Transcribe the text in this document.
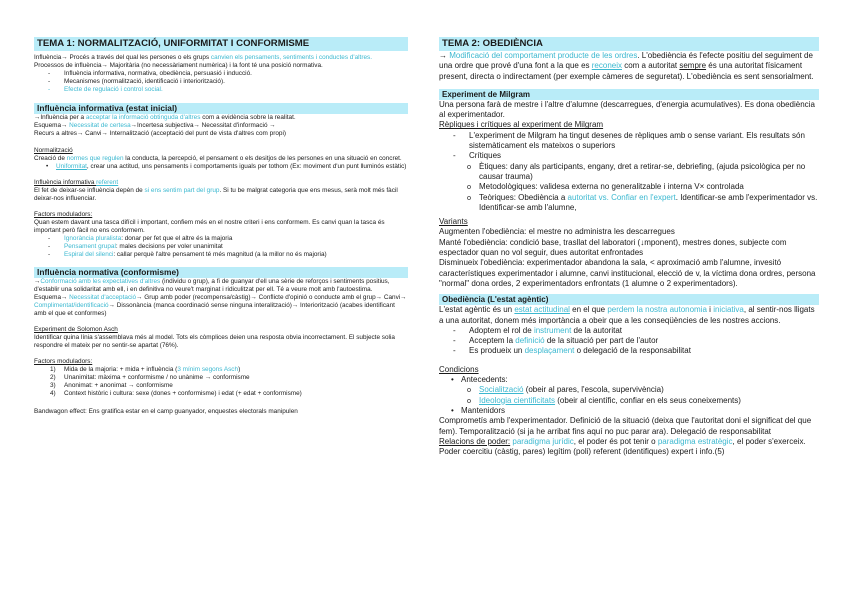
TEMA 1: NORMALITZACIÓ, UNIFORMITAT I CONFORMISME

Influència→ Procés a través del qual les persones o els grups canvien els pensaments, sentiments i conductes d'altres.

Processos de influència→ Majoritària (no necessàriament numèrica) i la font té una posició normativa.

- Influència informativa, normativa, obediència, persuasió i inducció.
- Mecanismes (normalització, identificació i interiorització).
- Efecte de regulació i control social.
Influència informativa (estat inicial)

→Influència per a acceptar la informació obtinguda d'altres com a evidència sobre la realitat.

Esquema→ Necessitat de certesa→Incertesa subjectiva→ Necessitat d'informació →

Recurs a altres→ Canvi→ Internalització (acceptació del punt de vista d'altres com propi)

Normalització

Creació de normes que regulen la conducta, la percepció, el pensament o els desitjos de les persones en una situació en concret.

• Uniformitat, crear una actitud, uns pensaments i comportaments iguals per tothom (Ex: moviment d'un punt lluminós estàtic)

Influència informativa referent

El fet de deixar-se influència depèn de si ens sentim part del grup. Si tu be malgrat categoria que ens mesus, serà molt més fàcil deixar-nos influenciar.

Factors moduladors:

Quan estem davant una tasca difícil i important, confiem més en el nostre criteri i ens conformem. Es canvi quan la tasca és important però fàcil no ens conformem.

- Ignorància pluralista: donar per fet que el altre és la majoria
- Pensament grupal: males decisions per voler unanimitat
- Espiral del silenci: callar perquè l'altre pensament té més magnitud (a la millor no és majoria)
Influència normativa (conformisme)

→Conformació amb les expectatives d'altres (individu o grup), a fi de guanyar d'ell una sèrie de reforços i sentiments positius, d'establir una solidaritat amb ell, i en definitiva no veure't marginat i ridiculitzat per ell. Té a veure molt amb l'autoestima.

Esquema→ Necessitat d'acceptació→ Grup amb poder (recompensa/càstig)→ Conflicte d'opinió o conducte amb el grup→ Canvi→ Complimentat/identificació→ Dissonància (manca coordinació sense ninguna interalització)→ Interiorització (acabes identificant amb el que et conformes)

Experiment de Solomon Asch

Identificar quina línia s'assemblava més al model. Tots els còmplices deien una resposta obvia incorrectament. El subjecte solia respondre el mateix per no sentir-se apartat (76%).

Factors moduladors:

1) Mida de la majoria: + mida + influència (3 mínim segons Asch)
2) Unanimitat: màxima + conformisme / no unànime → conformisme
3) Anonimat: + anonimat → conformisme
4) Context històric i cultura: sexe (dones + conformisme) i edat (+ edat + conformisme)

Bandwagon effect: Ens gratifica estar en el camp guanyador, enquestes electorals manipulen

TEMA 2: OBEDIÈNCIA

→ Modificació del comportament producte de les ordres. L'obediència és l'efecte positiu del seguiment de una ordre que prové d'una font a la que es reconeix com a autoritat sempre és una autoritat físicament present, directa o indirectament (per exemple càmeres de seguretat). L'obediència es sent sensorialment.

Experiment de Milgram

Una persona farà de mestre i l'altre d'alumne (descarregues, d'energia acumulatives). Es dona obediència al experimentador.

Rèpliques i crítiques al experiment de Milgram

- L'experiment de Milgram ha tingut desenes de rèpliques amb o sense variant. Els resultats són sistemàticament els mateixos o superiors
- Crítiques
o Ètiques: dany als participants, engany, dret a retirar-se, debriefing, (ajuda psicològica per no causar trauma)
o Metodològiques: validesa externa no generalitzable i interna V× controlada
o Teòriques: Obediència a autoritat vs. Confiar en l'expert. Identificar-se amb l'experimentador vs. Identificar-se amb l'alumne,

Variants

Augmenten l'obediència: el mestre no administra les descarregues

Manté l'obediència: condició base, trasllat del laboratori (↓mponent), mestres dones, subjecte com espectador quan no vol seguir, dues autoritat enfrontades

Disminueix l'obediència: experimentador abandona la sala, < aproximació amb l'alumne, invesitó característiques experimentador i alumne, canvi institucional, elecció de v, la víctima dona ordres, persona "normal" dona ordes, 2 experimentadors enfrontats (1 alumne o 2 experimentadors).

Obediència (L'estat agèntic)

L'estat agèntic és un estat actitudinal en el que perdem la nostra autonomia i iniciativa, al sentir-nos lligats a una autoritat, donem més importància a obeir que a les conseqüències de les nostres accions.

- Adoptem el rol de instrument de la autoritat
- Acceptem la definició de la situació per part de l'autor
- Es produeix un desplaçament o delegació de la responsabilitat

Condicions

• Antecedents:
o Socialització (obeir al pares, l'escola, supervivència)
o Ideologia cientificitats (obeir al científic, confiar en els seus coneixements)
• Mantenidors

Comprometís amb l'experimentador. Definició de la situació (deixa que l'autoritat doni el significat del que fem). Temporalització (si ja he arribat fins aquí no puc parar ara). Delegació de responsabilitat

Relacions de poder: paradigma jurídic, el poder és pot tenir o paradigma estratègic, el poder s'exerceix. Poder coercitiu (càstig, pares) legítim (poli) referent (identifiques) expert i info.(5)
